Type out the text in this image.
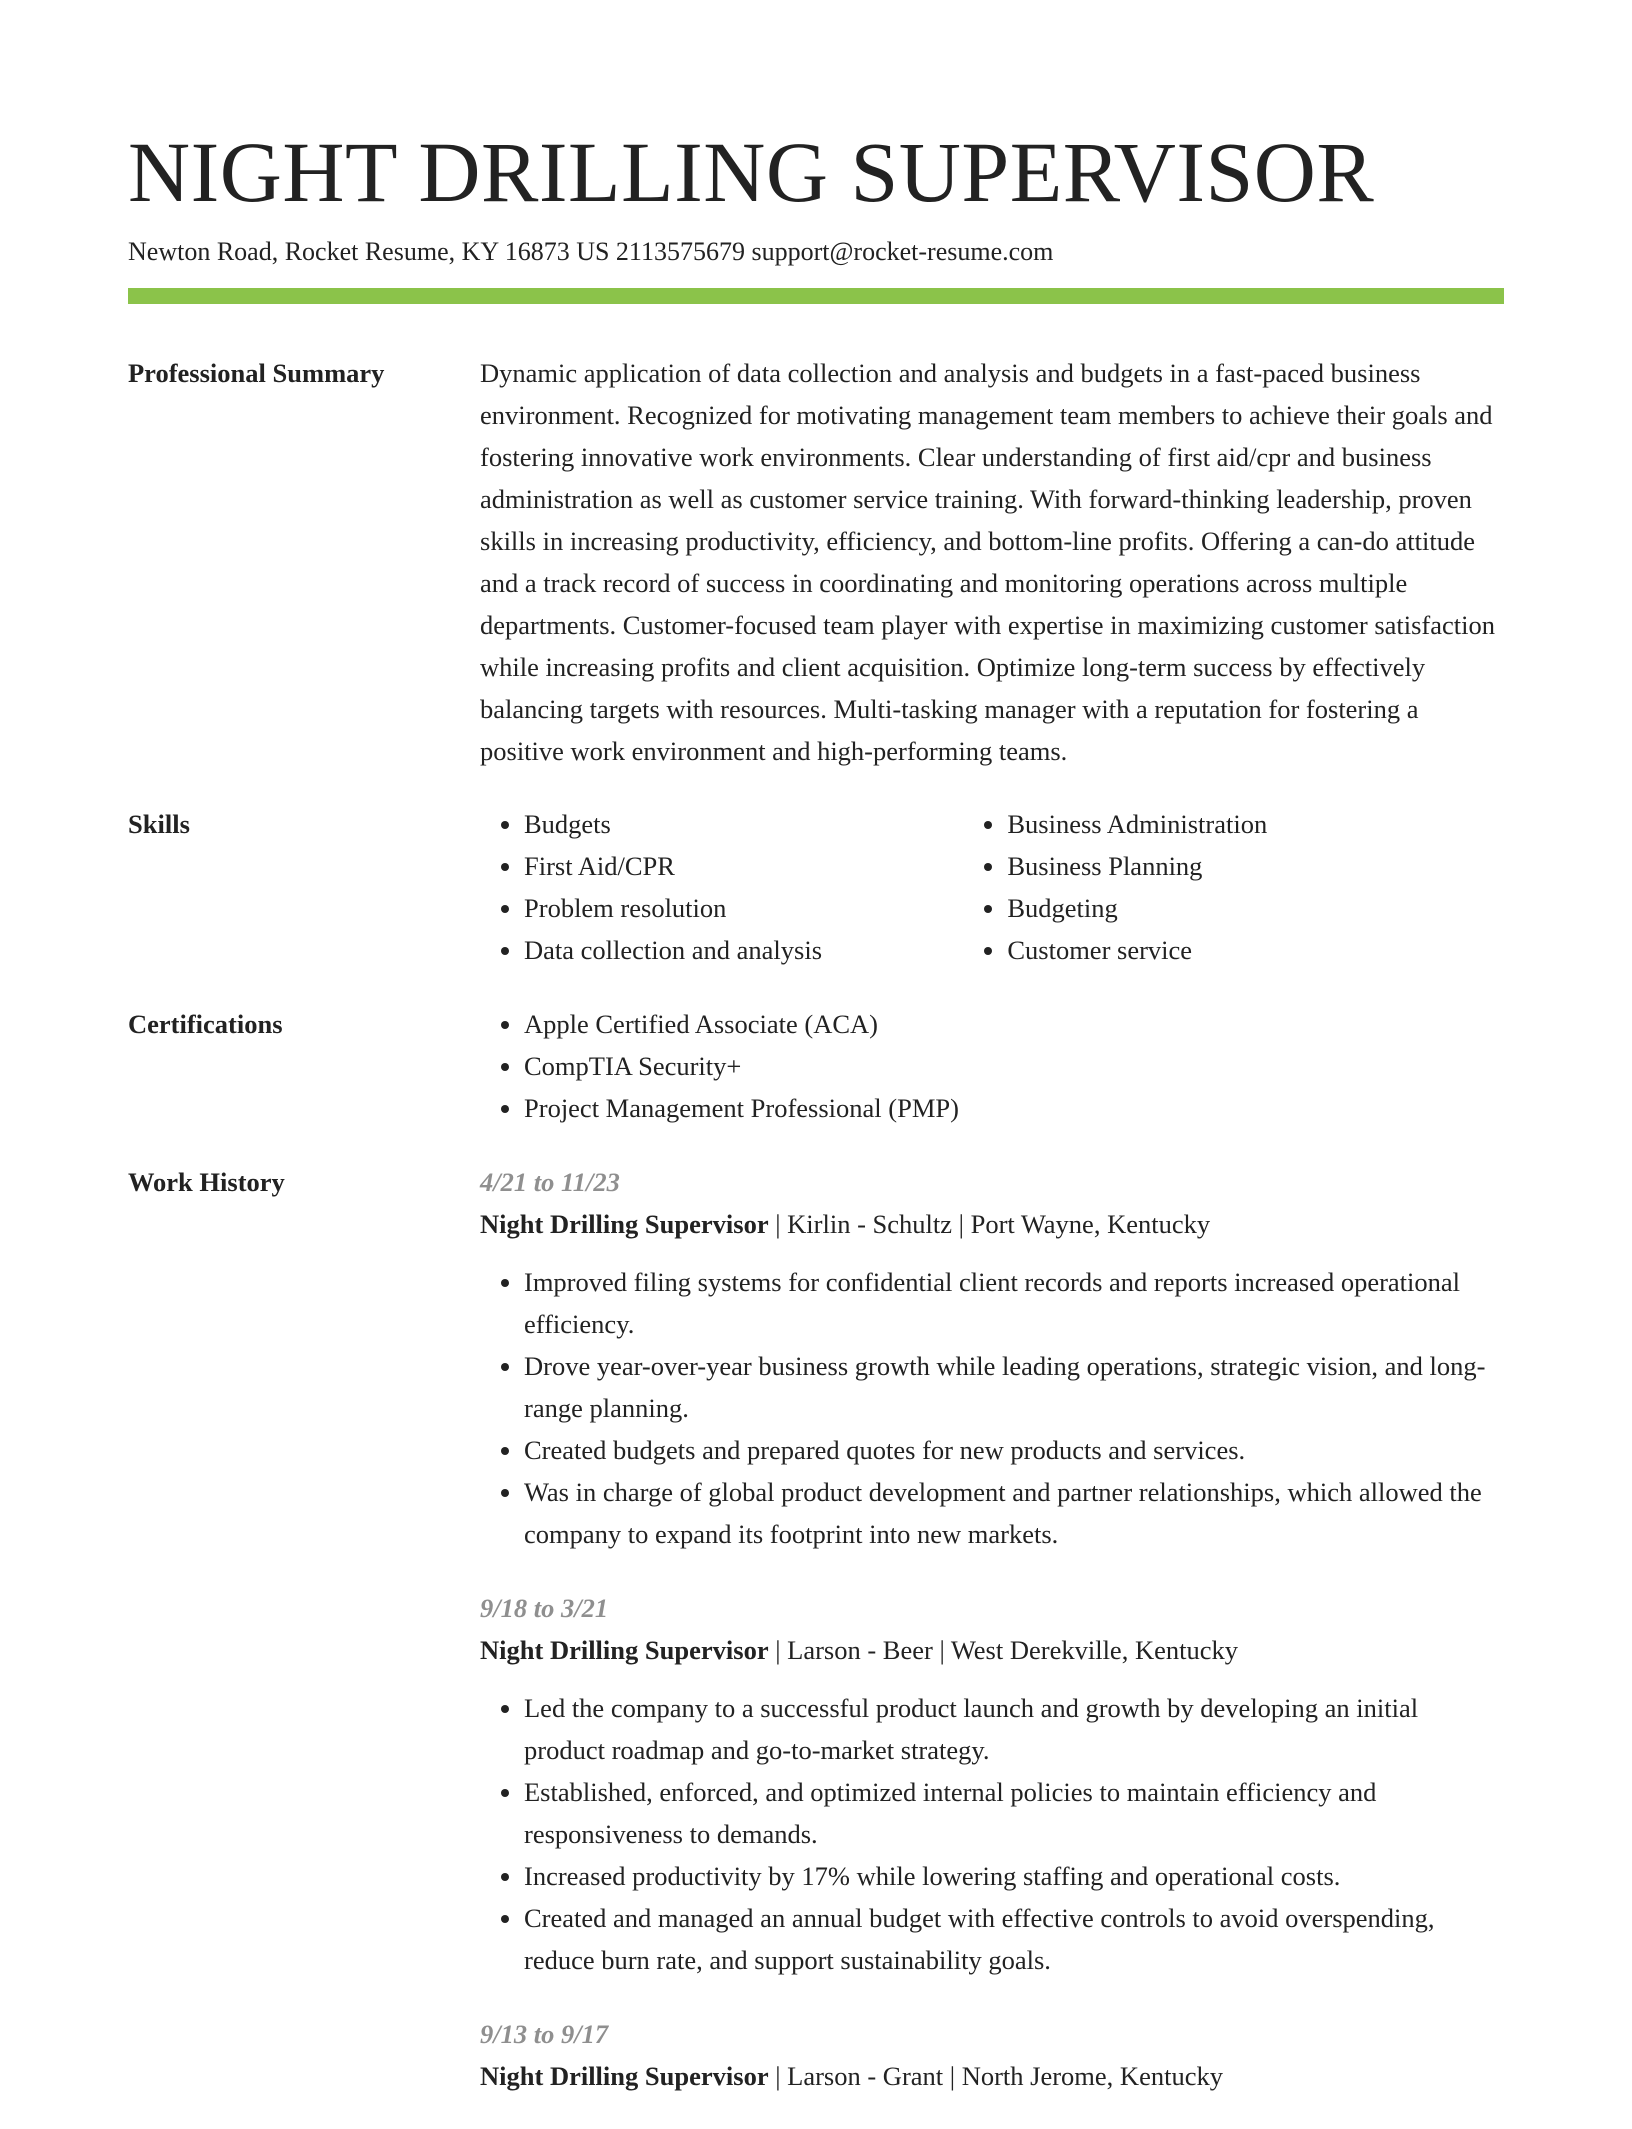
NIGHT DRILLING SUPERVISOR
Newton Road, Rocket Resume, KY 16873 US 2113575679 support@rocket-resume.com
Professional Summary	Dynamic application of data collection and analysis and budgets in a fast-paced business environment. Recognized for motivating management team members to achieve their goals and fostering innovative work environments. Clear understanding of first aid/cpr and business administration as well as customer service training. With forward-thinking leadership, proven skills in increasing productivity, efficiency, and bottom-line profits. Offering a can-do attitude and a track record of success in coordinating and monitoring operations across multiple departments. Customer-focused team player with expertise in maximizing customer satisfaction while increasing profits and client acquisition. Optimize long-term success by effectively balancing targets with resources. Multi-tasking manager with a reputation for fostering a positive work environment and high-performing teams.

Skills	• Budgets
• First Aid/CPR
• Problem resolution
• Data collection and analysis
• Business Administration
• Business Planning
• Budgeting
• Customer service
Certifications	• Apple Certified Associate (ACA)
• CompTIA Security+
• Project Management Professional (PMP)
Work History	4/21 to 11/23
Night Drilling Supervisor | Kirlin - Schultz | Port Wayne, Kentucky
• Improved filing systems for confidential client records and reports increased operational efficiency.
• Drove year-over-year business growth while leading operations, strategic vision, and long-range planning.
• Created budgets and prepared quotes for new products and services.
• Was in charge of global product development and partner relationships, which allowed the company to expand its footprint into new markets.
9/18 to 3/21
Night Drilling Supervisor | Larson - Beer | West Derekville, Kentucky
• Led the company to a successful product launch and growth by developing an initial product roadmap and go-to-market strategy.
• Established, enforced, and optimized internal policies to maintain efficiency and responsiveness to demands.
• Increased productivity by 17% while lowering staffing and operational costs.
• Created and managed an annual budget with effective controls to avoid overspending, reduce burn rate, and support sustainability goals.
9/13 to 9/17
Night Drilling Supervisor | Larson - Grant | North Jerome, Kentucky
